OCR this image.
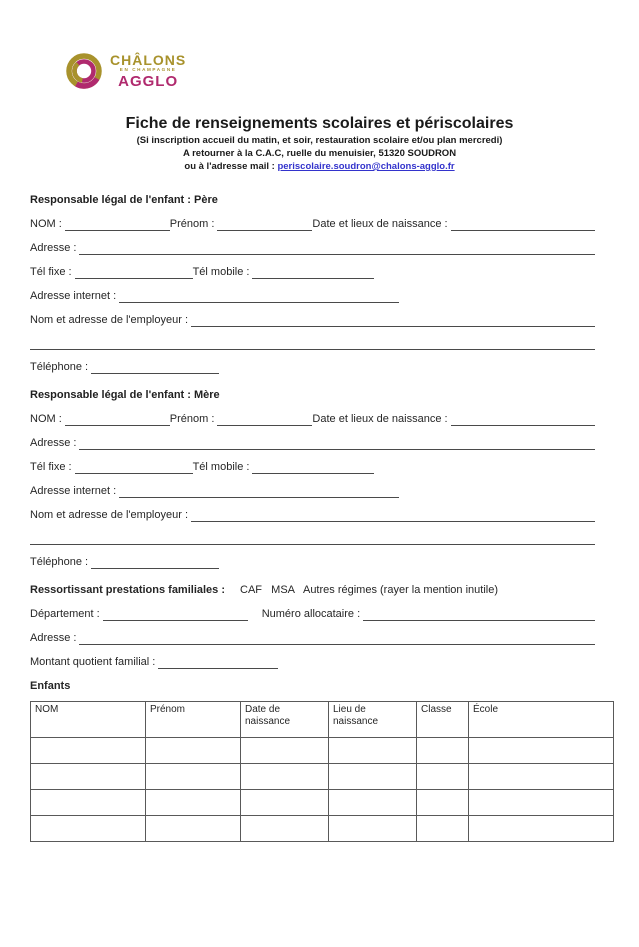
CHÂLONS
EN CHAMPAGNE
AGGLO
Fiche de renseignements scolaires et périscolaires
(Si inscription accueil du matin, et soir, restauration scolaire et/ou plan mercredi)
A retourner à la C.A.C, ruelle du menuisier, 51320 SOUDRON
ou à l'adresse mail : periscolaire.soudron@chalons-agglo.fr
Responsable légal de l'enfant : Père
NOM :	Prénom :	Date et lieux de naissance :
Adresse :
Tél fixe :	Tél mobile :
Adresse internet :
Nom et adresse de l'employeur :
Téléphone :
Responsable légal de l'enfant : Mère
NOM :	Prénom :	Date et lieux de naissance :
Adresse :
Tél fixe :	Tél mobile :
Adresse internet :
Nom et adresse de l'employeur :
Téléphone :
Ressortissant prestations familiales : CAF   MSA   Autres régimes (rayer la mention inutile)
Département :	Numéro allocataire :
Adresse :
Montant quotient familial :
Enfants
NOM	Prénom	Date de naissance	Lieu de naissance	Classe	École
